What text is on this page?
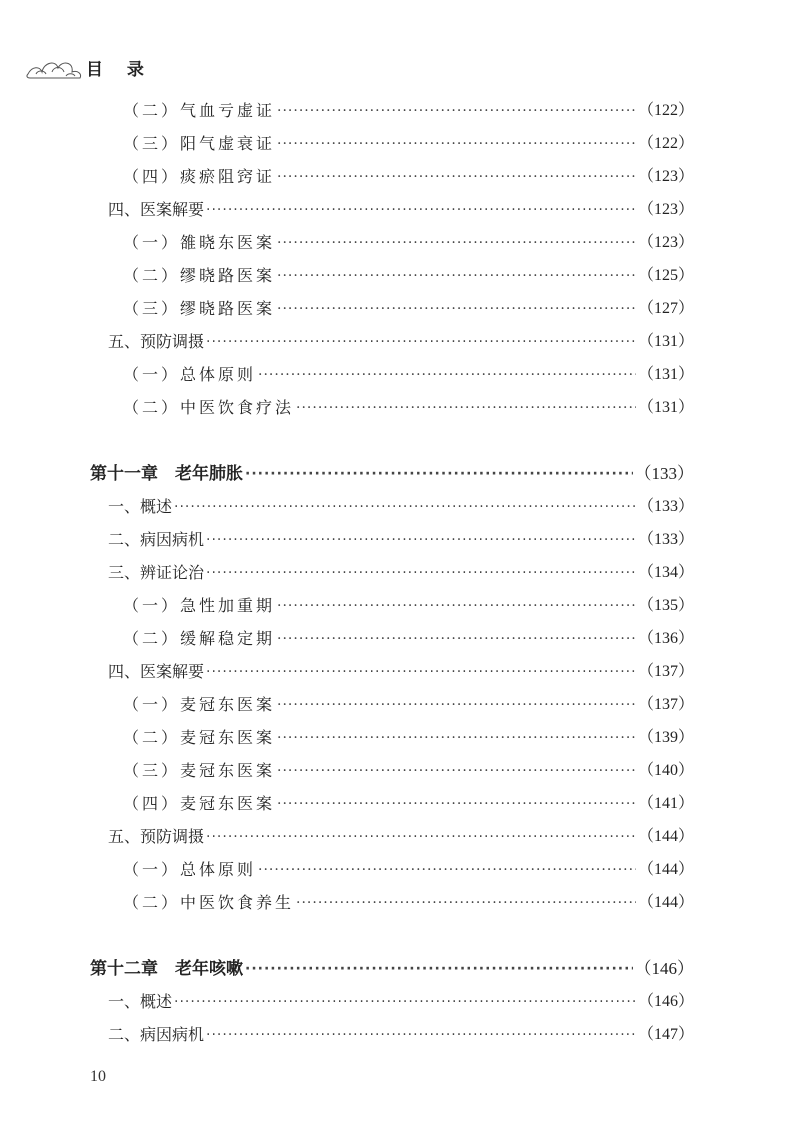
目 录
（二）气血亏虚证 ·····	（122）
（三）阳气虚衰证 ·····	（122）
（四）痰瘀阻窍证 ·····	（123）
四、医案解要 ·····	（123）
（一）雒晓东医案 ·····	（123）
（二）缪晓路医案 ·····	（125）
（三）缪晓路医案 ·····	（127）
五、预防调摄 ·····	（131）
（一）总体原则 ·····	（131）
（二）中医饮食疗法 ·····	（131）
第十一章　老年肺胀 ·····	（133）
一、概述 ·····	（133）
二、病因病机 ·····	（133）
三、辨证论治 ·····	（134）
（一）急性加重期 ·····	（135）
（二）缓解稳定期 ·····	（136）
四、医案解要 ·····	（137）
（一）麦冠东医案 ·····	（137）
（二）麦冠东医案 ·····	（139）
（三）麦冠东医案 ·····	（140）
（四）麦冠东医案 ·····	（141）
五、预防调摄 ·····	（144）
（一）总体原则 ·····	（144）
（二）中医饮食养生 ·····	（144）
第十二章　老年咳嗽 ·····	（146）
一、概述 ·····	（146）
二、病因病机 ·····	（147）
10
